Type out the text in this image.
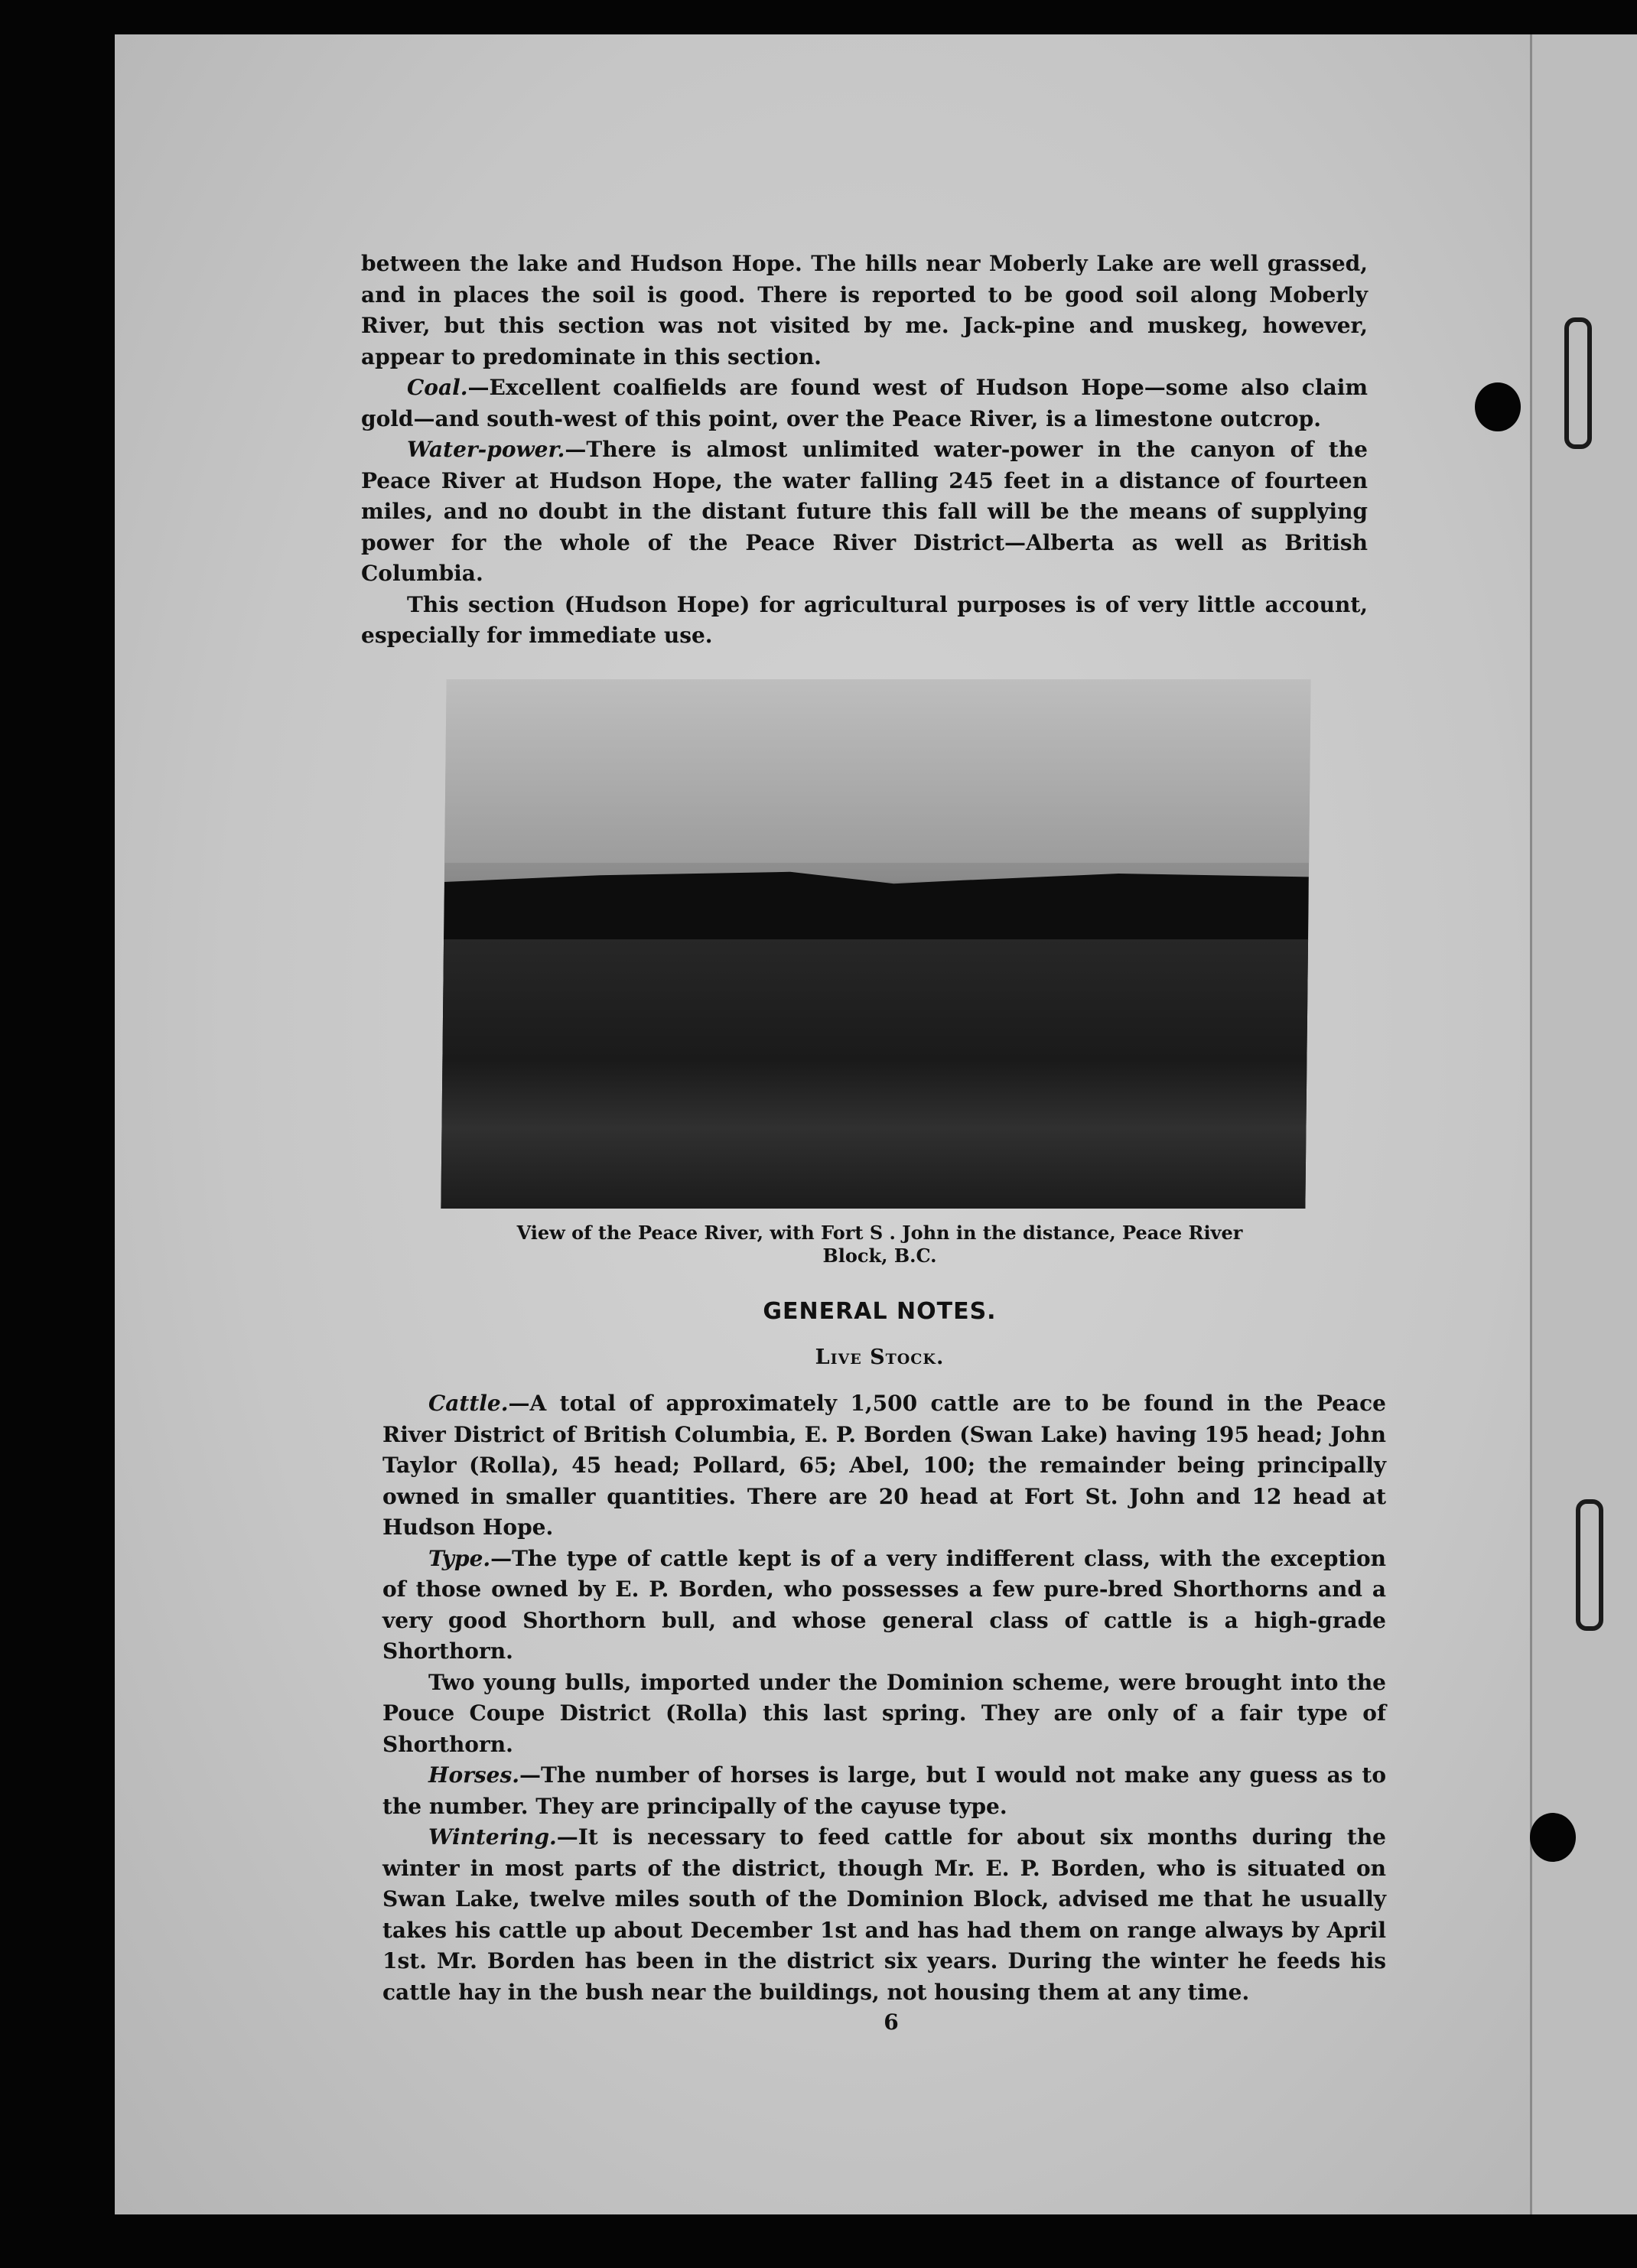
between the lake and Hudson Hope. The hills near Moberly Lake are well grassed, and in places the soil is good. There is reported to be good soil along Moberly River, but this section was not visited by me. Jack-pine and muskeg, however, appear to predominate in this section.

Coal.—Excellent coalfields are found west of Hudson Hope—some also claim gold—and south-west of this point, over the Peace River, is a limestone outcrop.

Water-power.—There is almost unlimited water-power in the canyon of the Peace River at Hudson Hope, the water falling 245 feet in a distance of fourteen miles, and no doubt in the distant future this fall will be the means of supplying power for the whole of the Peace River District—Alberta as well as British Columbia.

This section (Hudson Hope) for agricultural purposes is of very little account, especially for immediate use.

View of the Peace River, with Fort S . John in the distance, Peace River
Block, B.C.
GENERAL NOTES.
Live Stock.

Cattle.—A total of approximately 1,500 cattle are to be found in the Peace River District of British Columbia, E. P. Borden (Swan Lake) having 195 head; John Taylor (Rolla), 45 head; Pollard, 65; Abel, 100; the remainder being principally owned in smaller quantities. There are 20 head at Fort St. John and 12 head at Hudson Hope.

Type.—The type of cattle kept is of a very indifferent class, with the exception of those owned by E. P. Borden, who possesses a few pure-bred Shorthorns and a very good Shorthorn bull, and whose general class of cattle is a high-grade Shorthorn.

Two young bulls, imported under the Dominion scheme, were brought into the Pouce Coupe District (Rolla) this last spring. They are only of a fair type of Shorthorn.

Horses.—The number of horses is large, but I would not make any guess as to the number. They are principally of the cayuse type.

Wintering.—It is necessary to feed cattle for about six months during the winter in most parts of the district, though Mr. E. P. Borden, who is situated on Swan Lake, twelve miles south of the Dominion Block, advised me that he usually takes his cattle up about December 1st and has had them on range always by April 1st. Mr. Borden has been in the district six years. During the winter he feeds his cattle hay in the bush near the buildings, not housing them at any time.

6
